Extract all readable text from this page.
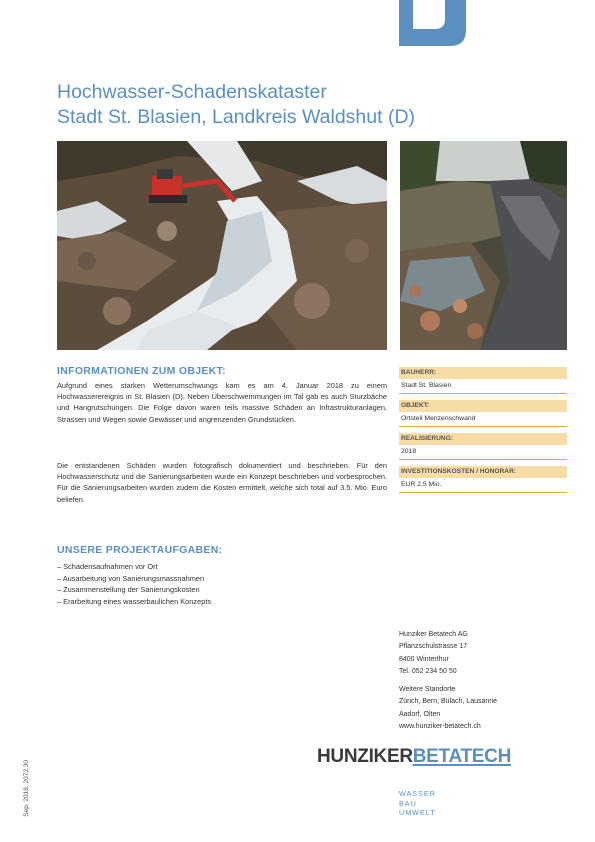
Hochwasser-Schadenskataster
Stadt St. Blasien, Landkreis Waldshut (D)
INFORMATIONEN ZUM OBJEKT:

Aufgrund eines starken Wetterumschwungs kam es am 4. Januar 2018 zu einem Hochwasserereignis in St. Blasien (D). Neben Überschwemmungen im Tal gab es auch Sturzbäche und Hangrutschungen. Die Folge davon waren teils massive Schäden an Infrastrukturanlagen, Strassen und Wegen sowie Gewässer und angrenzenden Grundstücken.

Die entstandenen Schäden wurden fotografisch dokumentiert und beschrieben. Für den Hochwasserschutz und die Sanierungsarbeiten wurde ein Konzept beschrieben und vorbesprochen. Für die Sanierungsarbeiten wurden zudem die Kosten ermittelt, welche sich total auf 3.5. Mio. Euro beliefen.

UNSERE PROJEKTAUFGABEN:
– Schadensaufnahmen vor Ort
– Ausarbeitung von Sanierungsmassnahmen
– Zusammenstellung der Sanierungskosten
– Erarbeitung eines wasserbaulichen Konzepts
BAUHERR:
Stadt St. Blasien
OBJEKT:
Ortsteil Menzenschwand
REALISIERUNG:
2018
INVESTITIONSKOSTEN / HONORAR:
EUR 2.5 Mio.
Hunziker Betatech AG
Pflanzschulstrasse 17
8400 Winterthur
Tel. 052 234 50 50
Weitere Standorte
Zürich, Bern, Bülach, Lausanne
Aadorf, Olten
www.hunziker-betatech.ch
HUNZIKERBETATECH
WASSER
BAU
UMWELT
Sep. 2018, 2072.30
